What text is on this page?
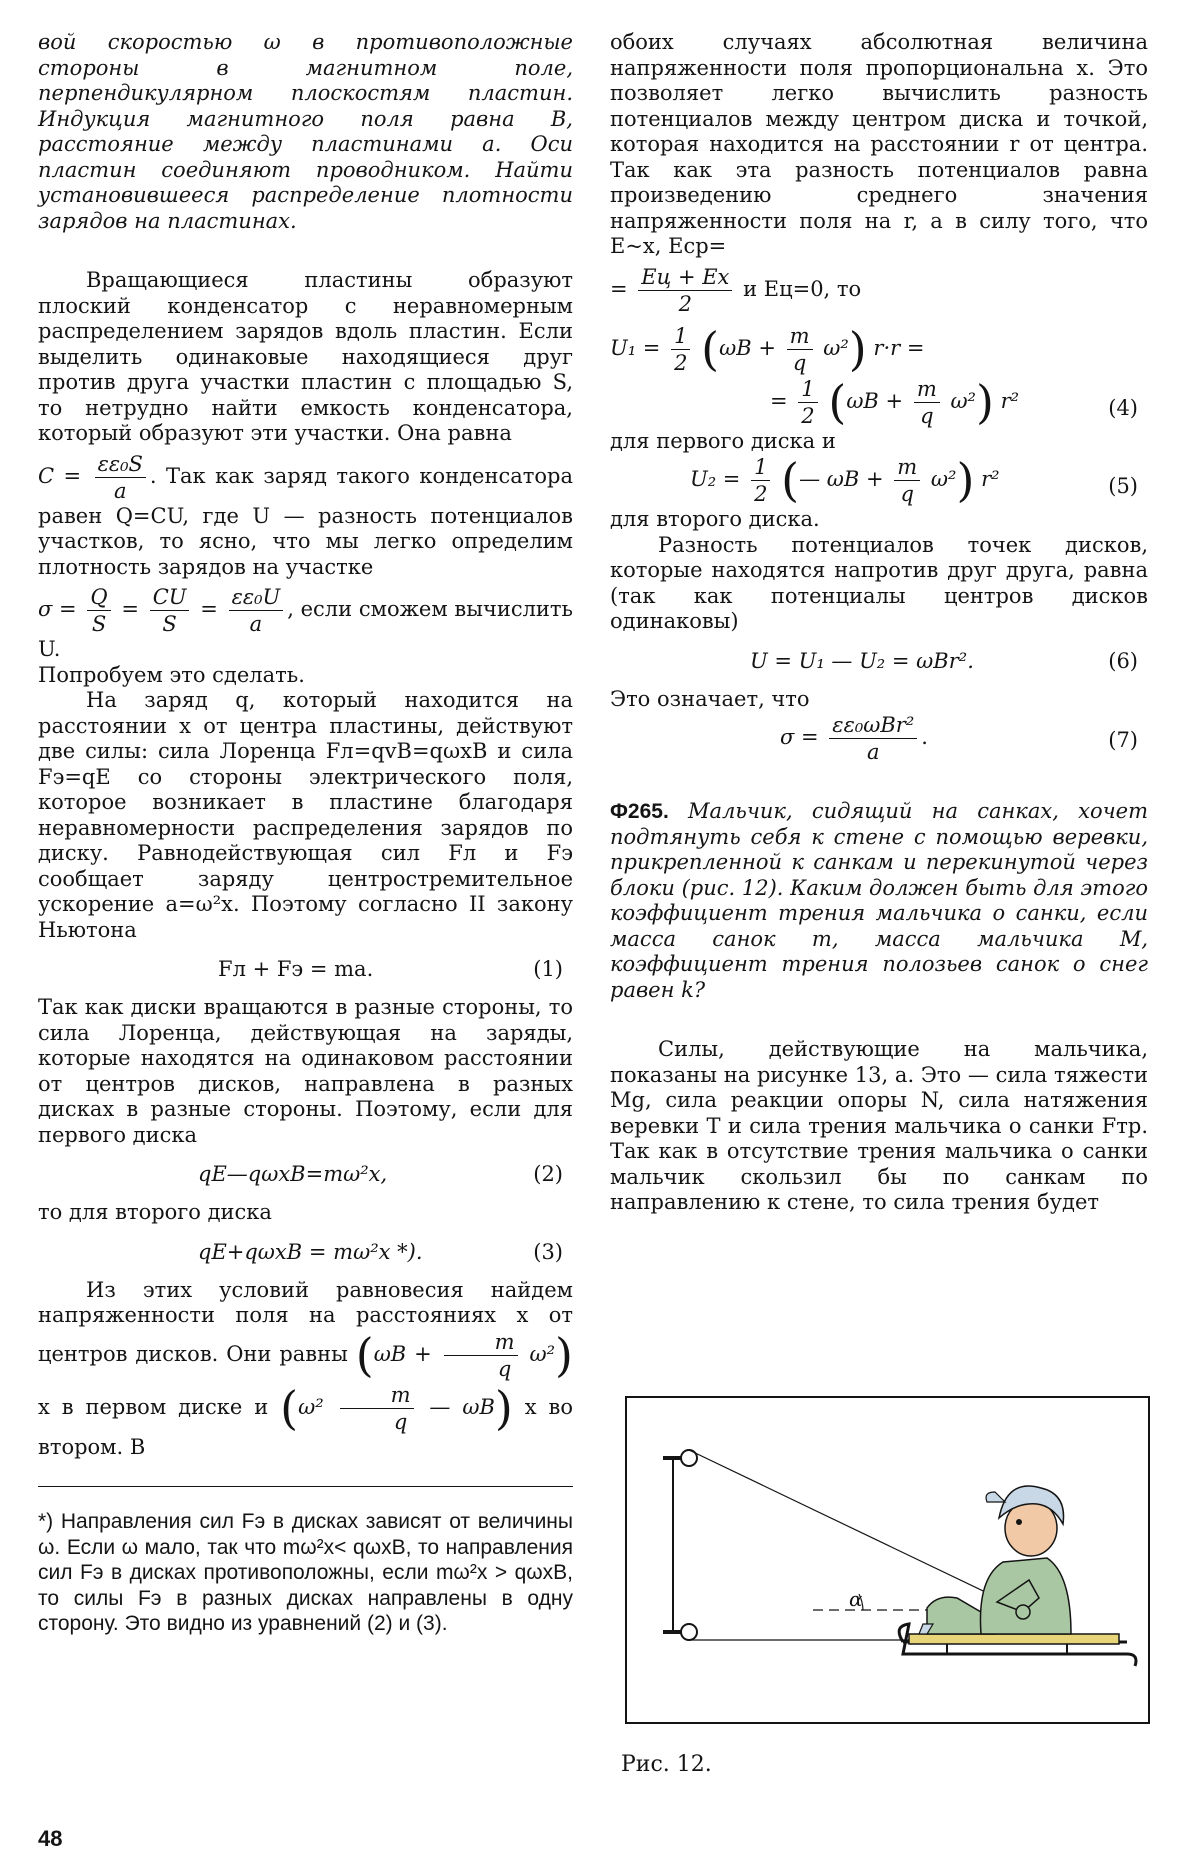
вой скоростью ω в противоположные стороны в магнитном поле, перпендикулярном плоскостям пластин. Индукция магнитного поля равна B, расстояние между пластинами a. Оси пластин соединяют проводником. Найти установившееся распределение плотности зарядов на пластинах.

Вращающиеся пластины образуют плоский конденсатор с неравномерным распределением зарядов вдоль пластин. Если выделить одинаковые находящиеся друг против друга участки пластин с площадью S, то нетрудно найти емкость конденсатора, который образуют эти участки. Она равна

$C = \frac{\text{εε₀S}}{a}$ . Так как заряд такого конденсатора равен Q=CU, где U — разность потенциалов участков, то ясно, что мы легко определим плотность зарядов на участке

$\sigma = \frac{Q}{S} = \frac{CU}{S} = \frac{\text{εε₀U}}{a}$ , если сможем вычислить U.

Попробуем это сделать.

На заряд q, который находится на расстоянии x от центра пластины, действуют две силы: сила Лоренца Fл=qvB=qωxB и сила Fэ=qE со стороны электрического поля, которое возникает в пластине благодаря неравномерности распределения зарядов по диску. Равнодействующая сил Fл и Fэ сообщает заряду центростремительное ускорение a=ω²x. Поэтому согласно II закону Ньютона

Fл + Fэ = ma.	(1)

Так как диски вращаются в разные стороны, то сила Лоренца, действующая на заряды, которые находятся на одинаковом расстоянии от центров дисков, направлена в разных дисках в разные стороны. Поэтому, если для первого диска

qE—qωxB=mω²x,	(2)

то для второго диска

qE+qωxB = mω²x *).	(3)

Из этих условий равновесия найдем напряженности поля на расстояниях x от центров дисков. Они равны $(\omega B + \frac{m}{q} \omega^2)$ x в первом диске и ($\omega^2 \frac{m}{q}$ — ωB) x во втором. В

*) Направления сил Fэ в дисках зависят от величины ω. Если ω мало, так что mω²x< qωxB, то направления сил Fэ в дисках противоположны, если mω²x > qωxB, то силы Fэ в разных дисках направлены в одну сторону. Это видно из уравнений (2) и (3).

обоих случаях абсолютная величина напряженности поля пропорциональна x. Это позволяет легко вычислить разность потенциалов между центром диска и точкой, которая находится на расстоянии r от центра. Так как эта разность потенциалов равна произведению среднего значения напряженности поля на r, а в силу того, что E~x, Eср=

= $\frac{Eц + Ex}{2}$ и Eц=0, то

$U_1 = \frac{1}{2} (\omega B + \frac{m}{q} \omega^2) r\cdot r$ =

= $\frac{1}{2} (\omega B + \frac{m}{q} \omega^2)$ r²	(4)

для первого диска и

$U_2 = \frac{1}{2}$ (— $\omega B + \frac{m}{q} \omega^2$) r²	(5)

для второго диска.

Разность потенциалов точек дисков, которые находятся напротив друг друга, равна (так как потенциалы центров дисков одинаковы)

U = U₁ — U₂ = ωBr².	(6)

Это означает, что

$\sigma = \frac{\text{εε₀ωBr²}}{a}$ .	(7)

Ф265. Мальчик, сидящий на санках, хочет подтянуть себя к стене с помощью веревки, прикрепленной к санкам и перекинутой через блоки (рис. 12). Каким должен быть для этого коэффициент трения мальчика о санки, если масса санок m, масса мальчика M, коэффициент трения полозьев санок о снег равен k?

Силы, действующие на мальчика, показаны на рисунке 13, a. Это — сила тяжести Mg, сила реакции опоры N, сила натяжения веревки T и сила трения мальчика о санки Fтр. Так как в отсутствие трения мальчика о санки мальчик скользил бы по санкам по направлению к стене, то сила трения будет

α
Рис. 12.
48
